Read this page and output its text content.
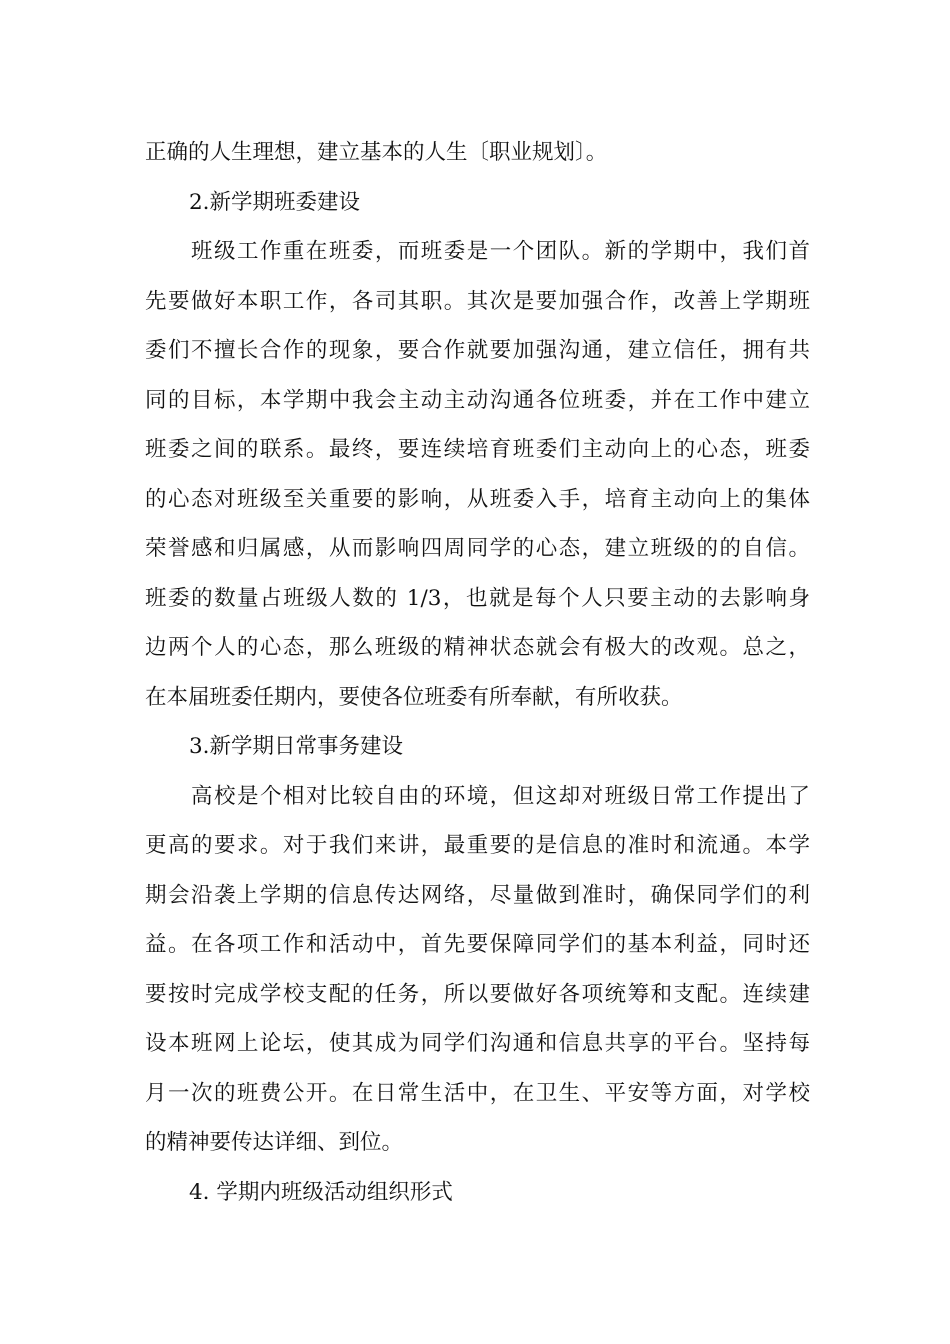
正确的人生理想，建立基本的人生〔职业规划〕。
2.新学期班委建设
班级工作重在班委，而班委是一个团队。新的学期中，我们首
先要做好本职工作，各司其职。其次是要加强合作，改善上学期班
委们不擅长合作的现象，要合作就要加强沟通，建立信任，拥有共
同的目标，本学期中我会主动主动沟通各位班委，并在工作中建立
班委之间的联系。最终，要连续培育班委们主动向上的心态，班委
的心态对班级至关重要的影响，从班委入手，培育主动向上的集体
荣誉感和归属感，从而影响四周同学的心态，建立班级的的自信。
班委的数量占班级人数的 1/3，也就是每个人只要主动的去影响身
边两个人的心态，那么班级的精神状态就会有极大的改观。总之，
在本届班委任期内，要使各位班委有所奉献，有所收获。
3.新学期日常事务建设
高校是个相对比较自由的环境，但这却对班级日常工作提出了
更高的要求。对于我们来讲，最重要的是信息的准时和流通。本学
期会沿袭上学期的信息传达网络，尽量做到准时，确保同学们的利
益。在各项工作和活动中，首先要保障同学们的基本利益，同时还
要按时完成学校支配的任务，所以要做好各项统筹和支配。连续建
设本班网上论坛，使其成为同学们沟通和信息共享的平台。坚持每
月一次的班费公开。在日常生活中，在卫生、平安等方面，对学校
的精神要传达详细、到位。
4. 学期内班级活动组织形式
